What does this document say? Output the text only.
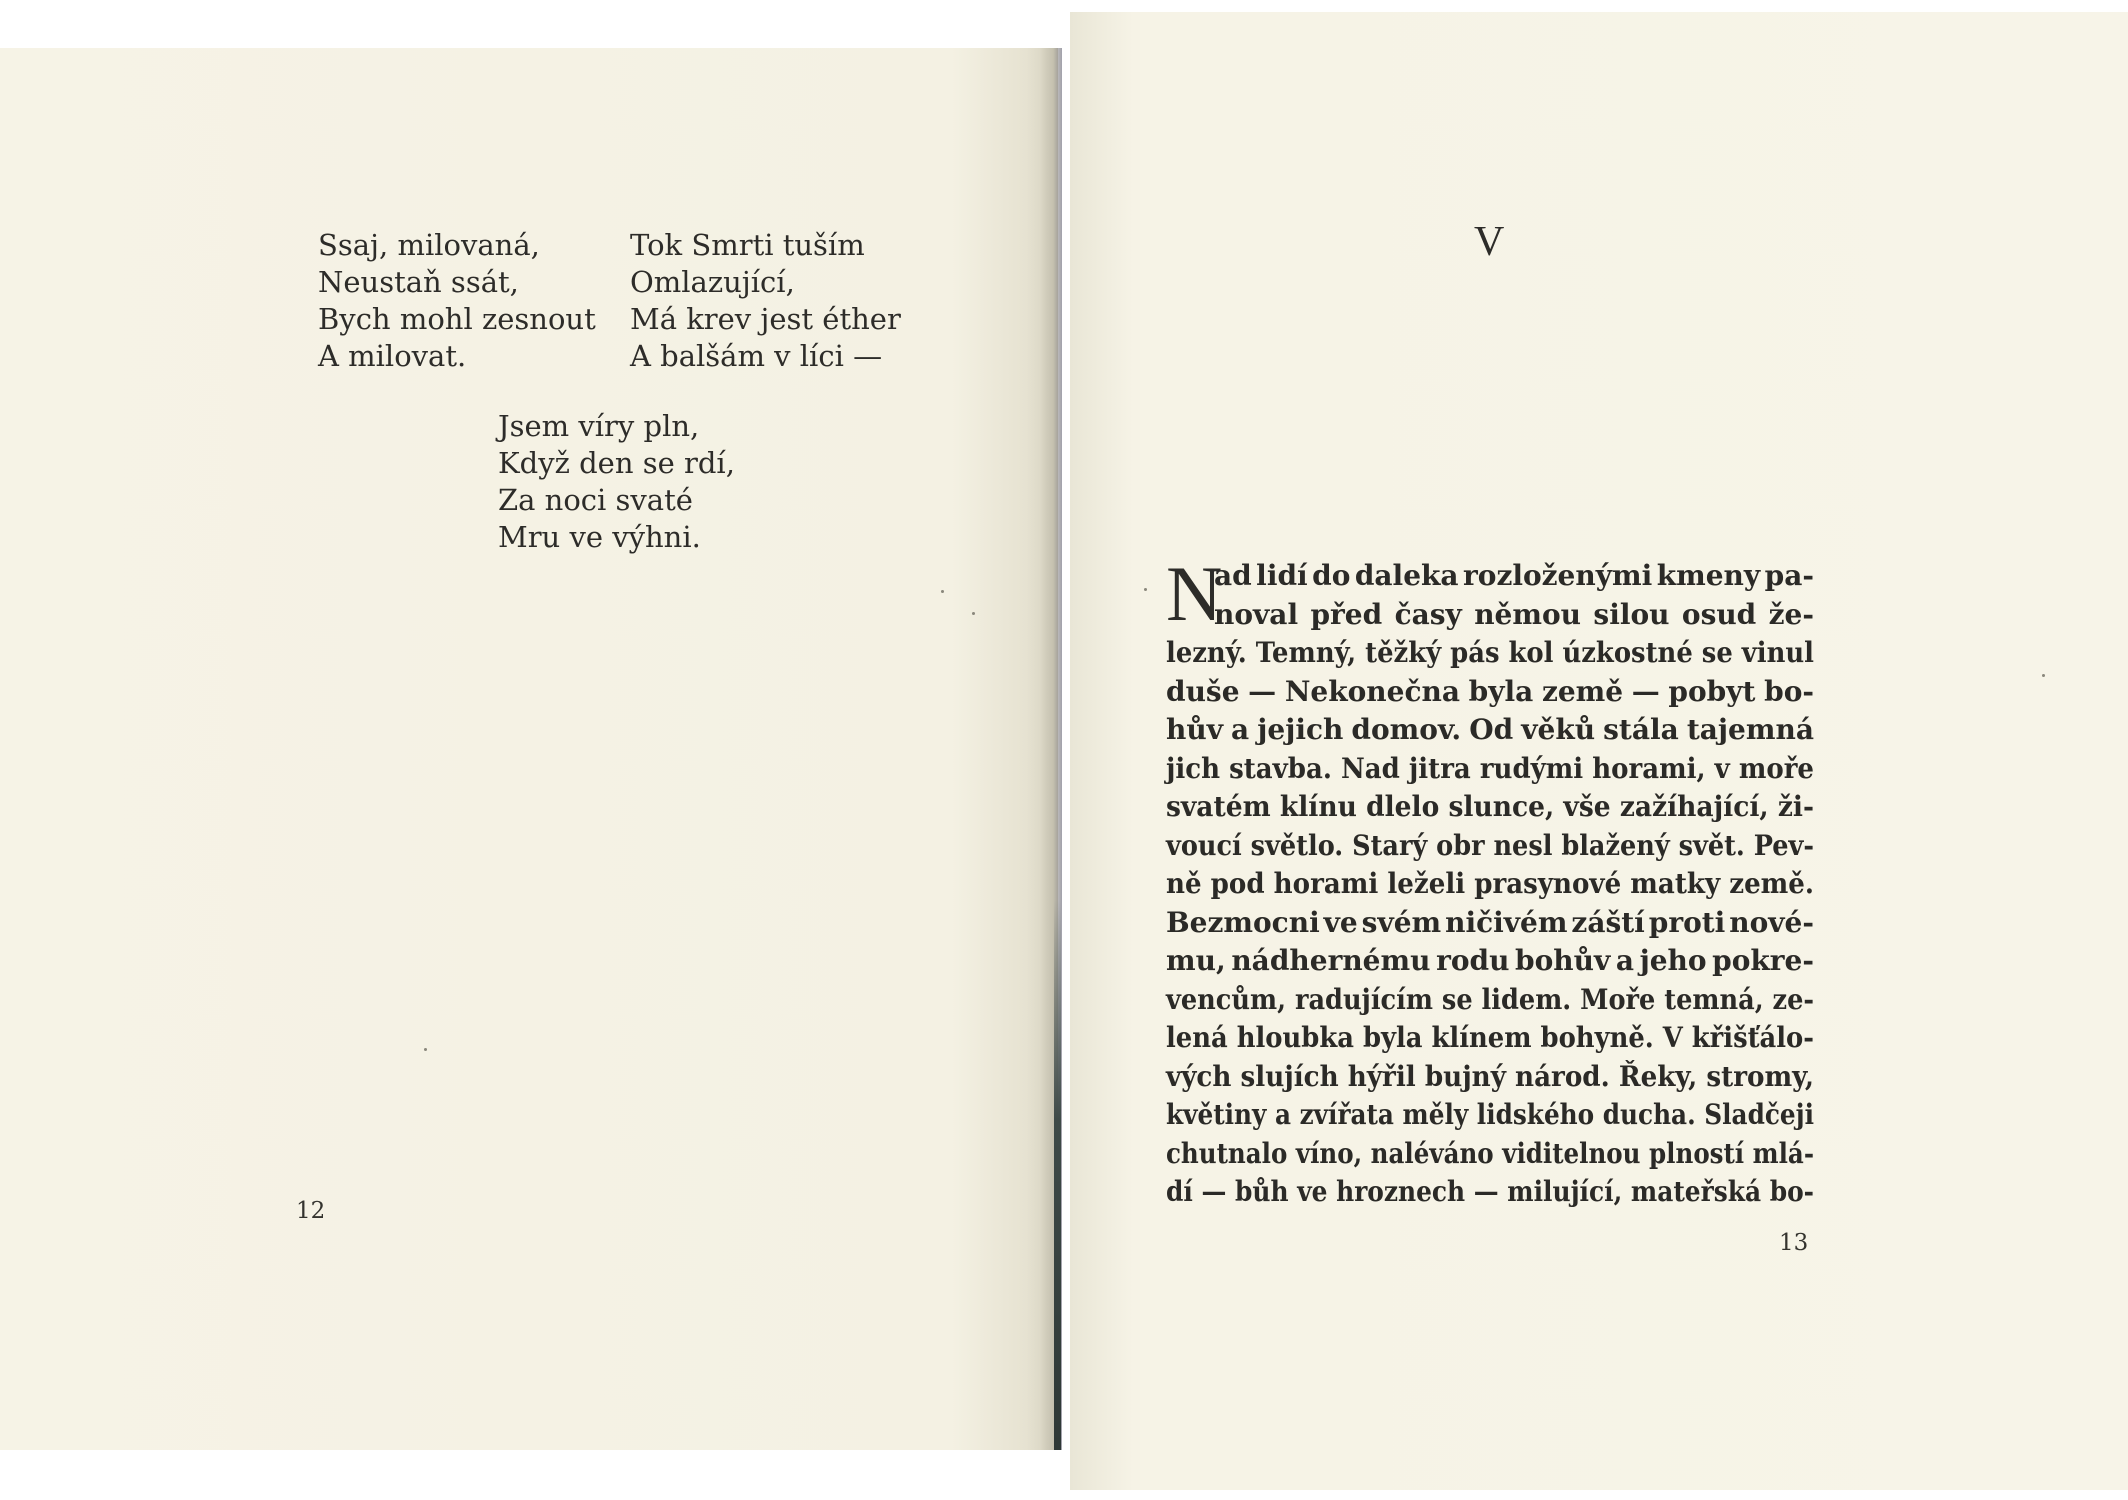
Ssaj, milovaná,
Neustaň ssát,
Bych mohl zesnout
A milovat.
Tok Smrti tuším
Omlazující,
Má krev jest éther
A balšám v líci —
Jsem víry pln,
Když den se rdí,
Za noci svaté
Mru ve výhni.
12
V
N
ad lidí do daleka rozloženými kmeny pa-
noval před časy němou silou osud že-
lezný. Temný, těžký pás kol úzkostné se vinul
duše — Nekonečna byla země — pobyt bo-
hův a jejich domov. Od věků stála tajemná
jich stavba. Nad jitra rudými horami, v moře
svatém klínu dlelo slunce, vše zažíhající, ži-
voucí světlo. Starý obr nesl blažený svět. Pev-
ně pod horami leželi prasynové matky země.
Bezmocni ve svém ničivém záští proti nové-
mu, nádhernému rodu bohův a jeho pokre-
vencům, radujícím se lidem. Moře temná, ze-
lená hloubka byla klínem bohyně. V křišťálo-
vých slujích hýřil bujný národ. Řeky, stromy,
květiny a zvířata měly lidského ducha. Sladčeji
chutnalo víno, naléváno viditelnou plností mlá-
dí — bůh ve hroznech — milující, mateřská bo-
13
